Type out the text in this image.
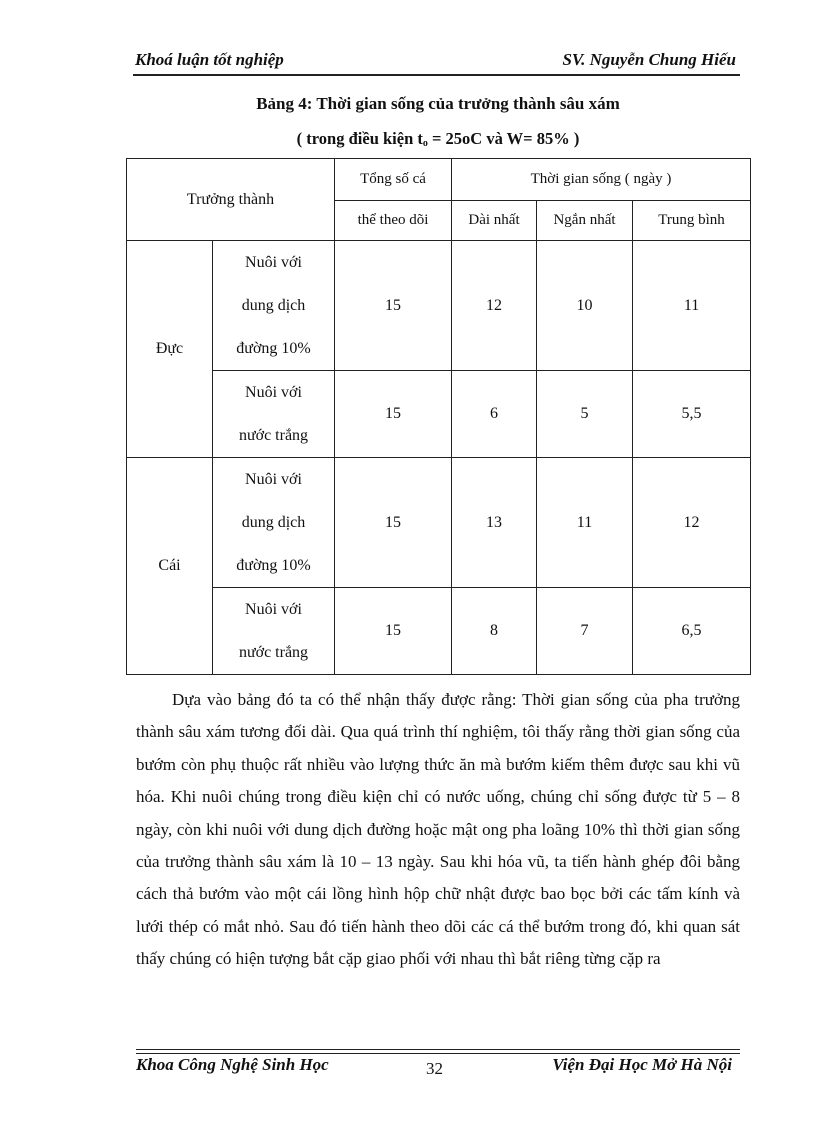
Khoá luận tốt nghiệp	SV. Nguyễn Chung Hiếu
Bảng 4: Thời gian sống của trưởng thành sâu xám
( trong điều kiện $t_o = 25oC$ và W= 85% )
Trưởng thành		Tổng số cá	Thời gian sống ( ngày )		
		thể theo dõi	Dài nhất	Ngắn nhất	Trung bình
Đực	Nuôi với
dung dịch
đường 10%	15	12	10	11

	Nuôi với
nước trắng	15	6	5	5,5
Cái	Nuôi với
dung dịch
đường 10%	15	13	11	12

	Nuôi với
nước trắng	15	8	7	6,5

Dựa vào bảng đó ta có thể nhận thấy được rằng: Thời gian sống của pha trưởng thành sâu xám tương đối dài. Qua quá trình thí nghiệm, tôi thấy rằng thời gian sống của bướm còn phụ thuộc rất nhiều vào lượng thức ăn mà bướm kiếm thêm được sau khi vũ hóa. Khi nuôi chúng trong điều kiện chỉ có nước uống, chúng chỉ sống được từ 5 – 8 ngày, còn khi nuôi với dung dịch đường hoặc mật ong pha loãng 10% thì thời gian sống của trưởng thành sâu xám là 10 – 13 ngày. Sau khi hóa vũ, ta tiến hành ghép đôi bằng cách thả bướm vào một cái lồng hình hộp chữ nhật được bao bọc bởi các tấm kính và lưới thép có mắt nhỏ. Sau đó tiến hành theo dõi các cá thể bướm trong đó, khi quan sát thấy chúng có hiện tượng bắt cặp giao phối với nhau thì bắt riêng từng cặp ra

Khoa Công Nghệ Sinh Học	32	Viện Đại Học Mở Hà Nội
